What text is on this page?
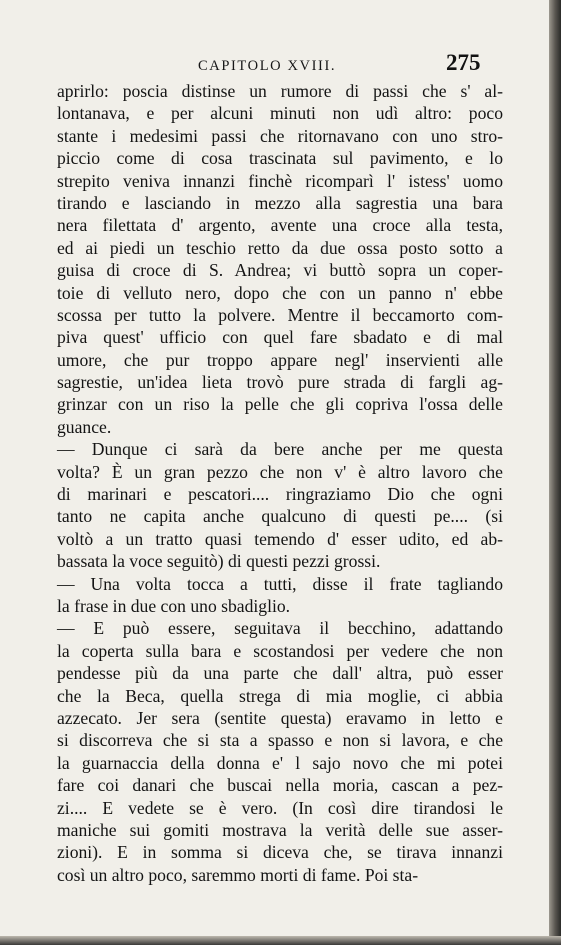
CAPITOLO XVIII.	275
aprirlo: poscia distinse un rumore di passi che s' al-
lontanava, e per alcuni minuti non udì altro: poco
stante i medesimi passi che ritornavano con uno stro-
piccio come di cosa trascinata sul pavimento, e lo
strepito veniva innanzi finchè ricomparì l' istess' uomo
tirando e lasciando in mezzo alla sagrestia una bara
nera filettata d' argento, avente una croce alla testa,
ed ai piedi un teschio retto da due ossa posto sotto a
guisa di croce di S. Andrea; vi buttò sopra un coper-
toie di velluto nero, dopo che con un panno n' ebbe
scossa per tutto la polvere. Mentre il beccamorto com-
piva quest' ufficio con quel fare sbadato e di mal
umore, che pur troppo appare negl' inservienti alle
sagrestie, un'idea lieta trovò pure strada di fargli ag-
grinzar con un riso la pelle che gli copriva l'ossa delle
guance.
— Dunque ci sarà da bere anche per me questa
volta? È un gran pezzo che non v' è altro lavoro che
di marinari e pescatori.... ringraziamo Dio che ogni
tanto ne capita anche qualcuno di questi pe.... (si
voltò a un tratto quasi temendo d' esser udito, ed ab-
bassata la voce seguitò) di questi pezzi grossi.
— Una volta tocca a tutti, disse il frate tagliando
la frase in due con uno sbadiglio.
— E può essere, seguitava il becchino, adattando
la coperta sulla bara e scostandosi per vedere che non
pendesse più da una parte che dall' altra, può esser
che la Beca, quella strega di mia moglie, ci abbia
azzecato. Jer sera (sentite questa) eravamo in letto e
si discorreva che si sta a spasso e non si lavora, e che
la guarnaccia della donna e' l sajo novo che mi potei
fare coi danari che buscai nella moria, cascan a pez-
zi.... E vedete se è vero. (In così dire tirandosi le
maniche sui gomiti mostrava la verità delle sue asser-
zioni). E in somma si diceva che, se tirava innanzi
così un altro poco, saremmo morti di fame. Poi sta-
